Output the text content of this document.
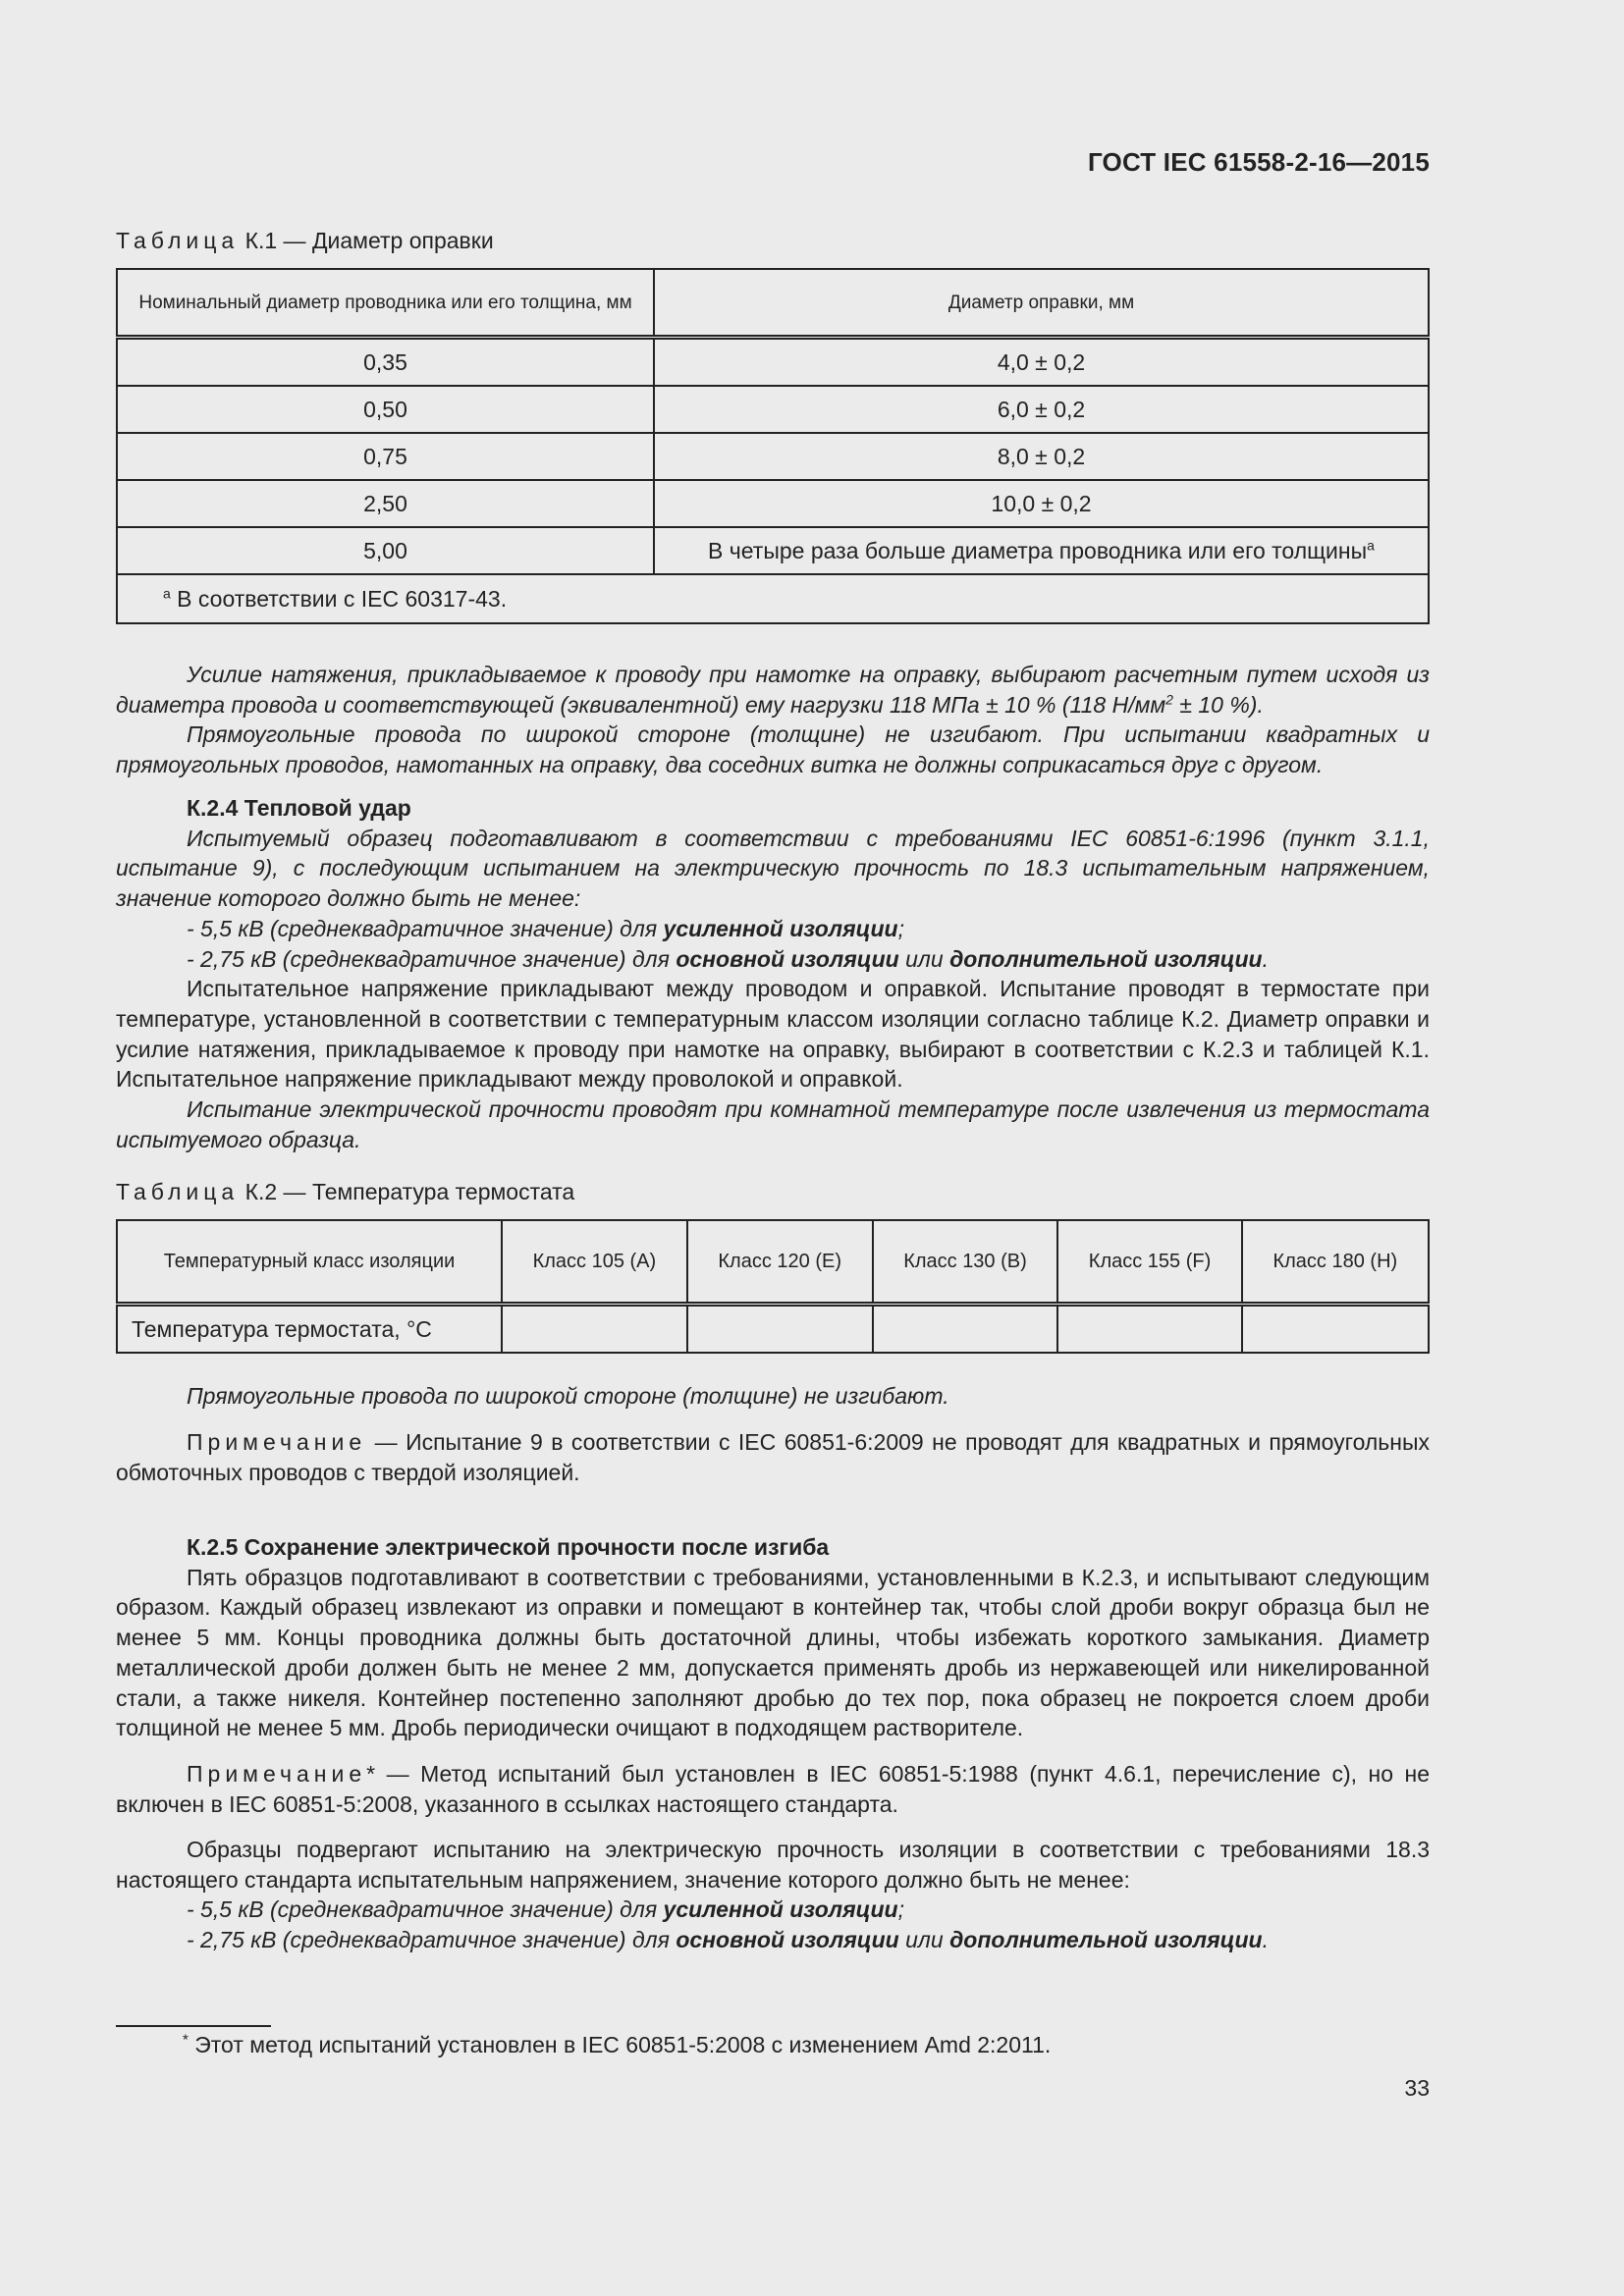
ГОСТ IEC 61558-2-16—2015
Таблица К.1 — Диаметр оправки
Номинальный диаметр проводника или его толщина, мм	Диаметр оправки, мм
0,35	4,0 ± 0,2
0,50	6,0 ± 0,2
0,75	8,0 ± 0,2
2,50	10,0 ± 0,2
5,00	В четыре раза больше диаметра проводника или его толщины$^a$
$^a$ В соответствии с IEC 60317-43.	

Усилие натяжения, прикладываемое к проводу при намотке на оправку, выбирают расчетным путем исходя из диаметра провода и соответствующей (эквивалентной) ему нагрузки 118 МПа ± 10 % (118 $Н/мм^2 \pm 10$ %).

Прямоугольные провода по широкой стороне (толщине) не изгибают. При испытании квадратных и прямоугольных проводов, намотанных на оправку, два соседних витка не должны соприкасаться друг с другом.

К.2.4 Тепловой удар

Испытуемый образец подготавливают в соответствии с требованиями IEC 60851-6:1996 (пункт 3.1.1, испытание 9), с последующим испытанием на электрическую прочность по 18.3 испытательным напряжением, значение которого должно быть не менее:

- 5,5 кВ (среднеквадратичное значение) для усиленной изоляции;

- 2,75 кВ (среднеквадратичное значение) для основной изоляции или дополнительной изоляции.

Испытательное напряжение прикладывают между проводом и оправкой. Испытание проводят в термостате при температуре, установленной в соответствии с температурным классом изоляции согласно таблице К.2. Диаметр оправки и усилие натяжения, прикладываемое к проводу при намотке на оправку, выбирают в соответствии с К.2.3 и таблицей К.1. Испытательное напряжение прикладывают между проволокой и оправкой.

Испытание электрической прочности проводят при комнатной температуре после извлечения из термостата испытуемого образца.

Таблица К.2 — Температура термостата
Температурный класс изоляции	Класс 105 (А)	Класс 120 (Е)	Класс 130 (В)	Класс 155 (F)	Класс 180 (Н)
Температура термостата, °С					

Прямоугольные провода по широкой стороне (толщине) не изгибают.

Примечание — Испытание 9 в соответствии с IEC 60851-6:2009 не проводят для квадратных и прямоугольных обмоточных проводов с твердой изоляцией.

К.2.5 Сохранение электрической прочности после изгиба

Пять образцов подготавливают в соответствии с требованиями, установленными в К.2.3, и испытывают следующим образом. Каждый образец извлекают из оправки и помещают в контейнер так, чтобы слой дроби вокруг образца был не менее 5 мм. Концы проводника должны быть достаточной длины, чтобы избежать короткого замыкания. Диаметр металлической дроби должен быть не менее 2 мм, допускается применять дробь из нержавеющей или никелированной стали, а также никеля. Контейнер постепенно заполняют дробью до тех пор, пока образец не покроется слоем дроби толщиной не менее 5 мм. Дробь периодически очищают в подходящем растворителе.

Примечание* — Метод испытаний был установлен в IEC 60851-5:1988 (пункт 4.6.1, перечисление с), но не включен в IEC 60851-5:2008, указанного в ссылках настоящего стандарта.

Образцы подвергают испытанию на электрическую прочность изоляции в соответствии с требованиями 18.3 настоящего стандарта испытательным напряжением, значение которого должно быть не менее:

- 5,5 кВ (среднеквадратичное значение) для усиленной изоляции;

- 2,75 кВ (среднеквадратичное значение) для основной изоляции или дополнительной изоляции.

* Этот метод испытаний установлен в IEC 60851-5:2008 с изменением Amd 2:2011.
33
